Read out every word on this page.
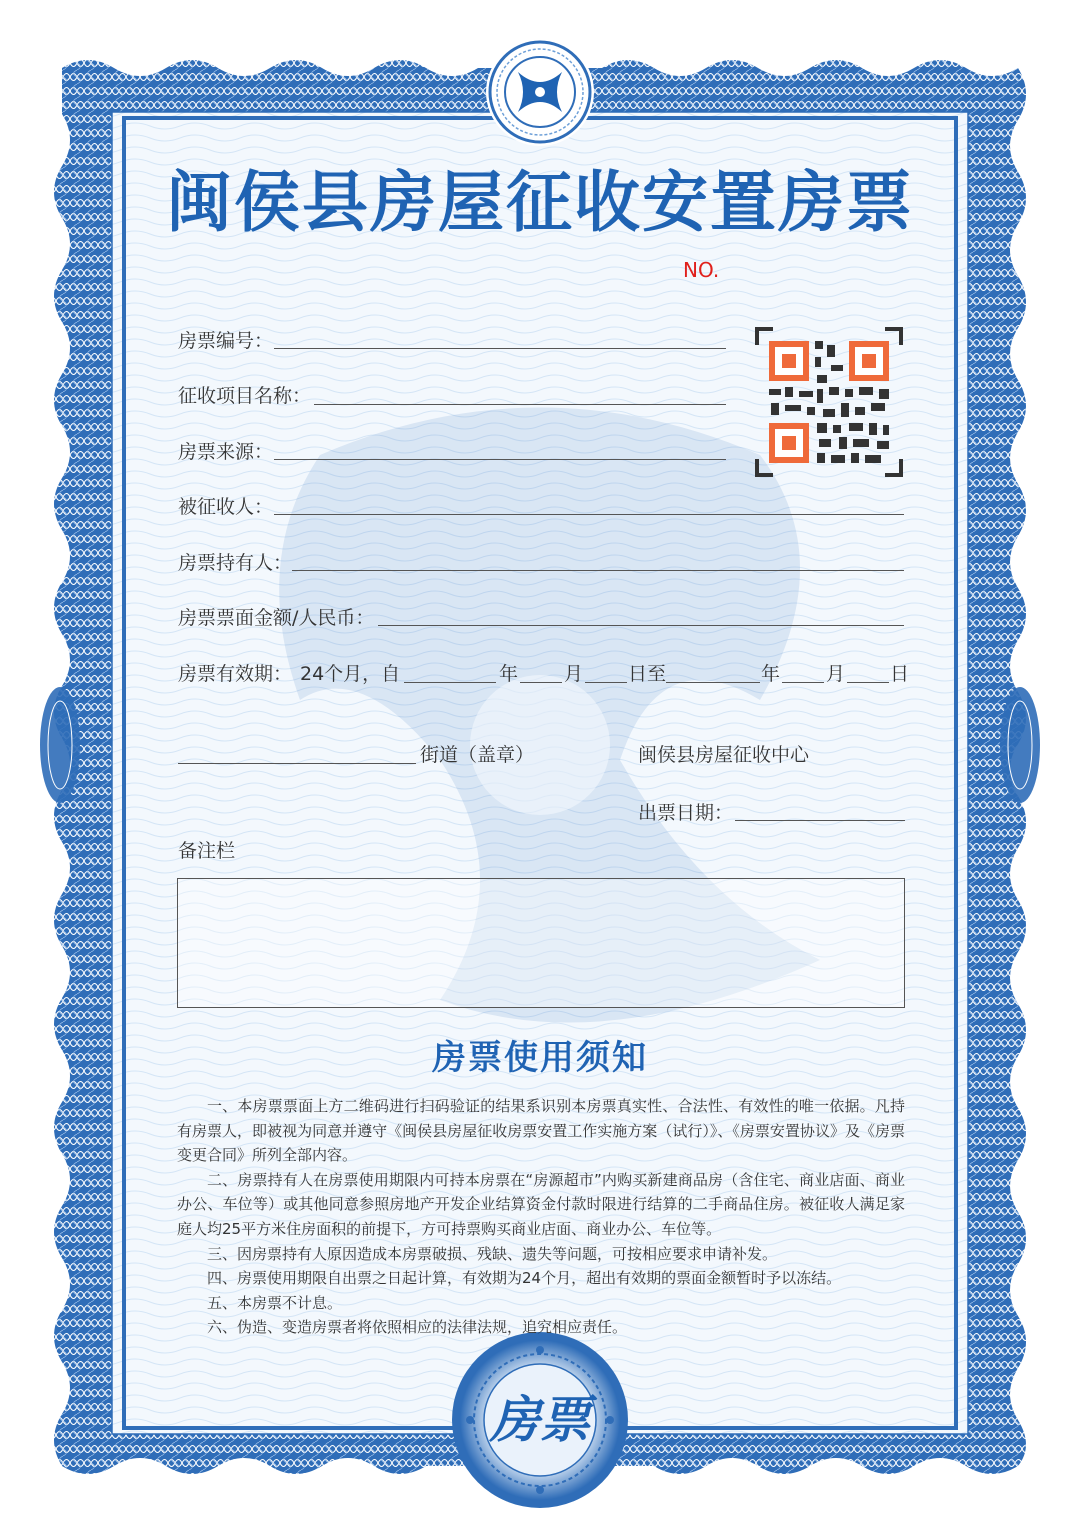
闽侯县房屋征收安置房票
NO.
房票编号：
征收项目名称：
房票来源：
被征收人：
房票持有人：
房票票面金额/人民币：
房票有效期： 24个月，自	年 月 日至	年 月 日
街道（盖章）	闽侯县房屋征收中心
出票日期：
备注栏
房票使用须知

一、本房票票面上方二维码进行扫码验证的结果系识别本房票真实性、合法性、有效性的唯一依据。凡持有房票人，即被视为同意并遵守《闽侯县房屋征收房票安置工作实施方案（试行）》、《房票安置协议》及《房票变更合同》所列全部内容。

二、房票持有人在房票使用期限内可持本房票在“房源超市”内购买新建商品房（含住宅、商业店面、商业办公、车位等）或其他同意参照房地产开发企业结算资金付款时限进行结算的二手商品住房。被征收人满足家庭人均25平方米住房面积的前提下，方可持票购买商业店面、商业办公、车位等。

三、因房票持有人原因造成本房票破损、残缺、遗失等问题，可按相应要求申请补发。

四、房票使用期限自出票之日起计算，有效期为24个月，超出有效期的票面金额暂时予以冻结。

五、本房票不计息。

六、伪造、变造房票者将依照相应的法律法规，追究相应责任。

房票
